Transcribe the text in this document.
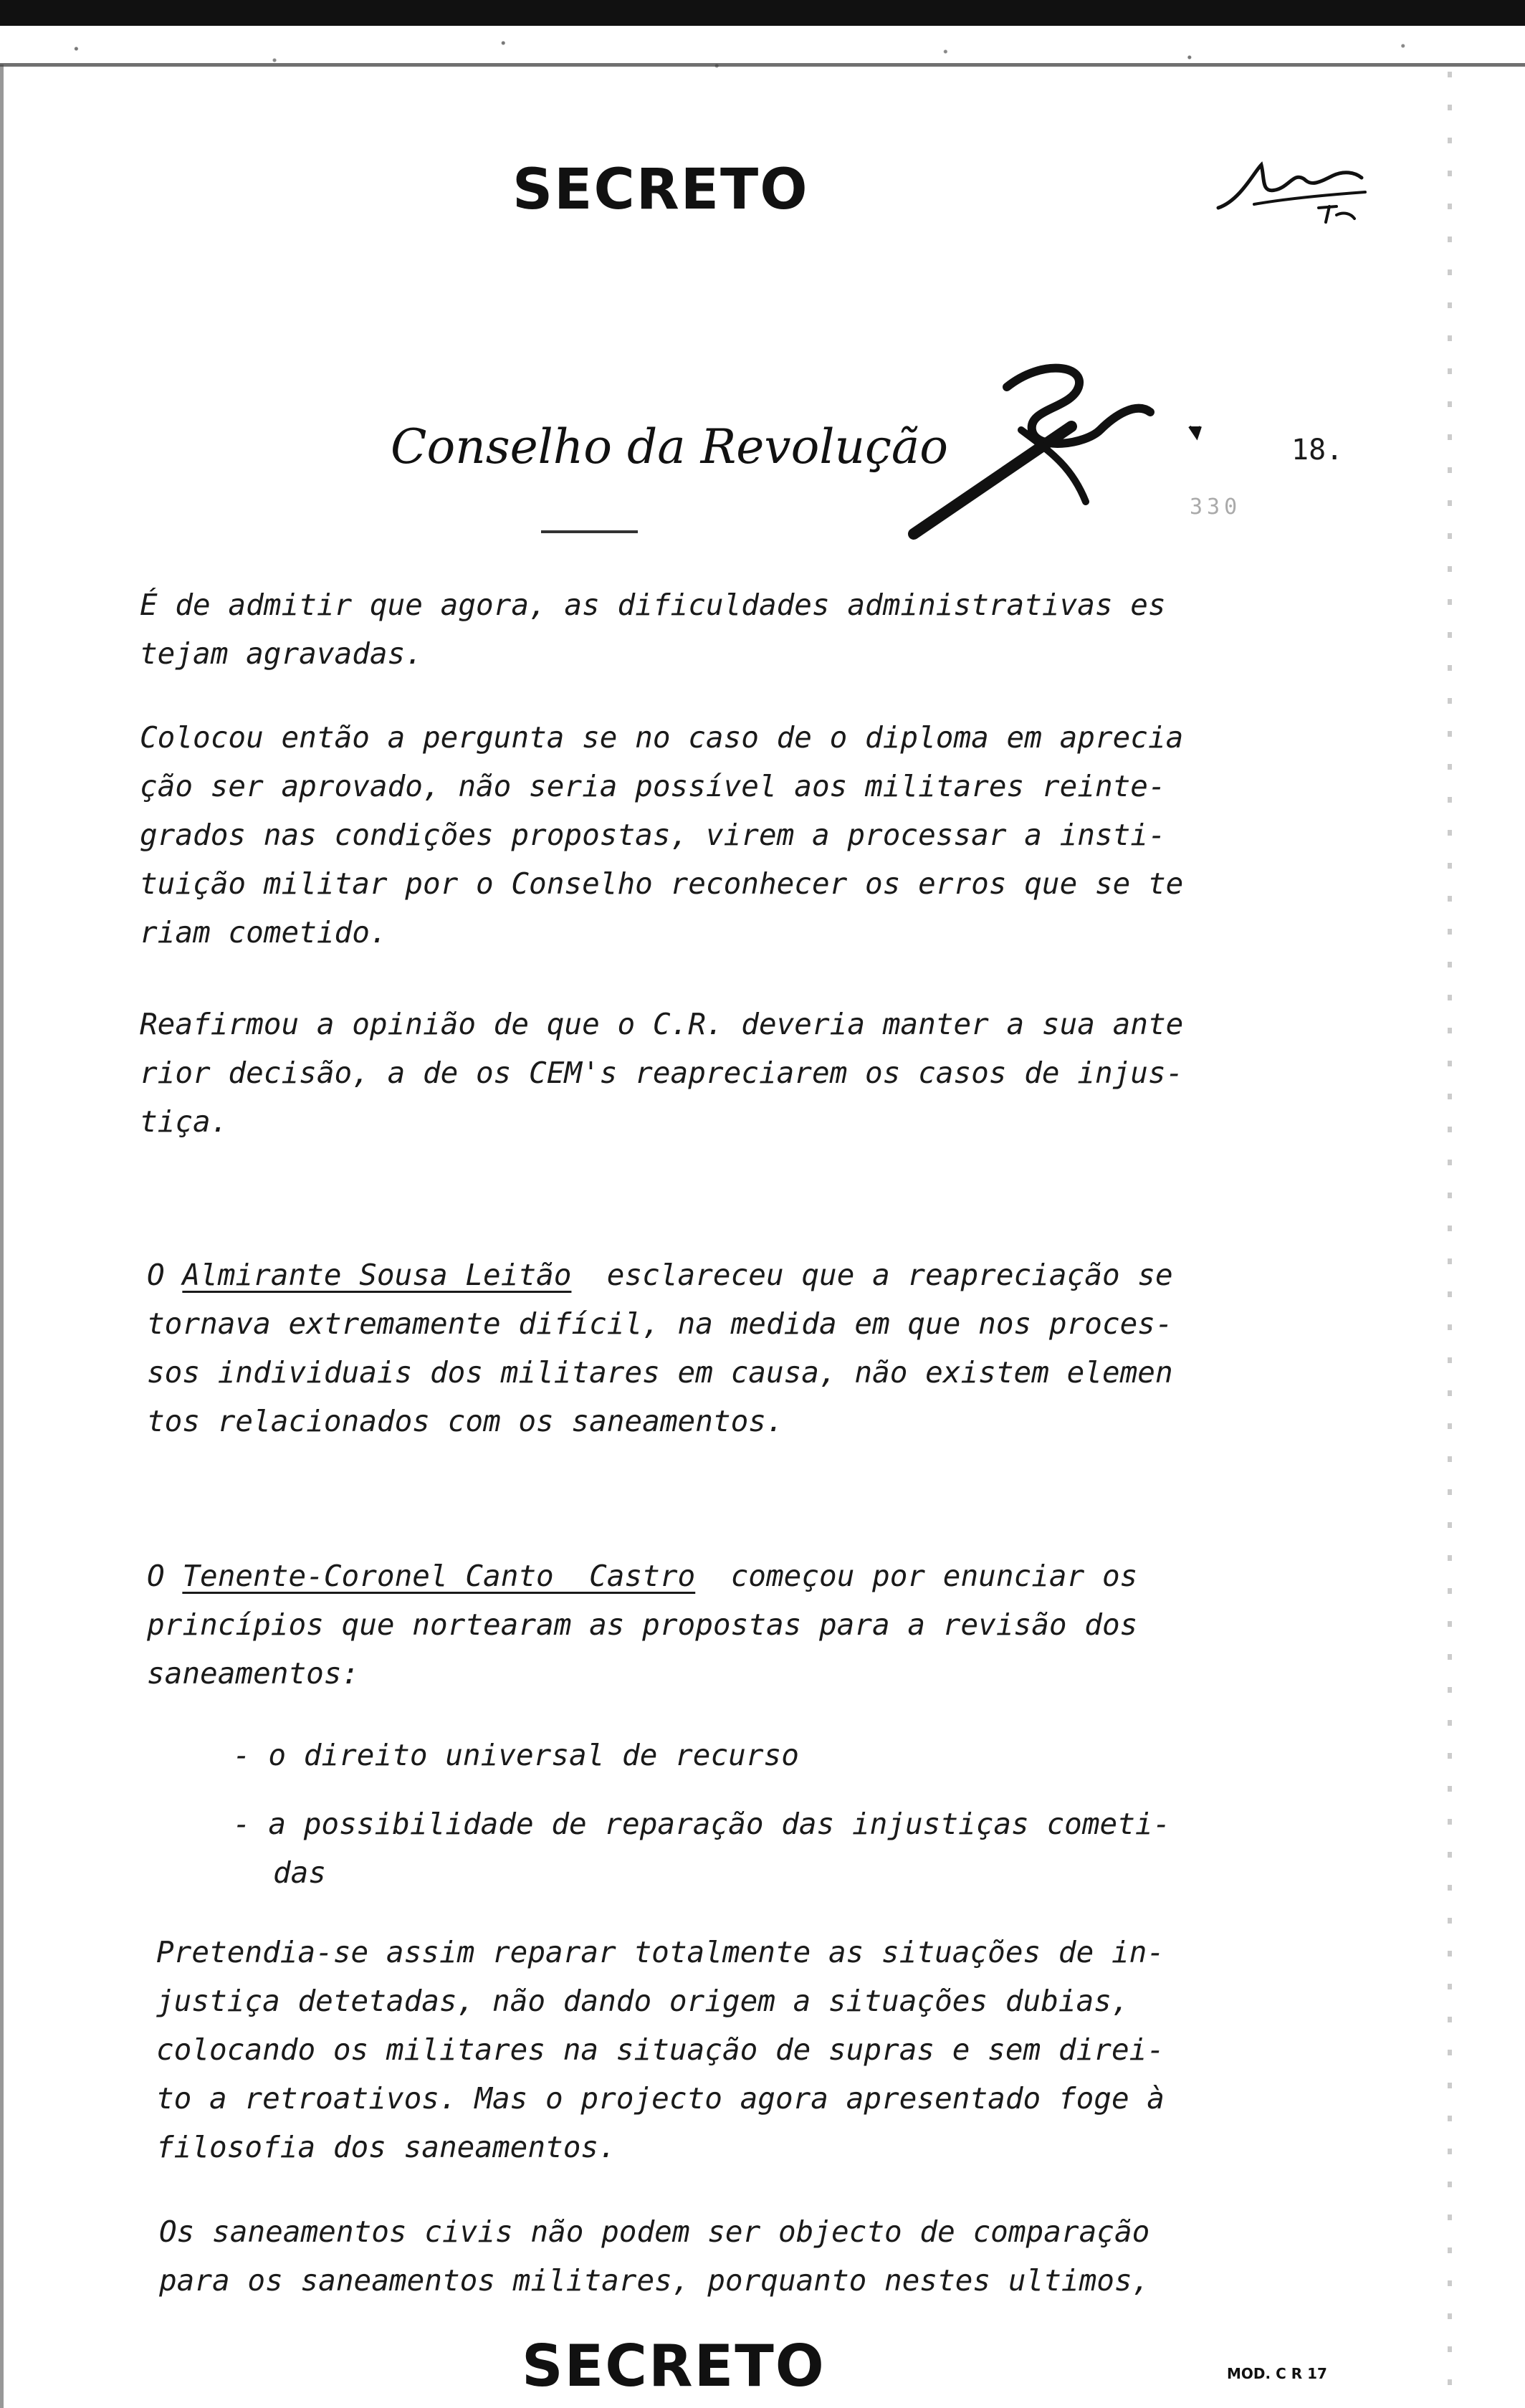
SECRETO
Conselho da Revolução	18.
330

É de admitir que agora, as dificuldades administrativas es

tejam agravadas.

Colocou então a pergunta se no caso de o diploma em aprecia

ção ser aprovado, não seria possível aos militares reinte-

grados nas condições propostas, virem a processar a insti-

tuição militar por o Conselho reconhecer os erros que se te

riam cometido.

Reafirmou a opinião de que o C.R. deveria manter a sua ante

rior decisão, a de os CEM's reapreciarem os casos de injus-

tiça.

O Almirante Sousa Leitão  esclareceu que a reapreciação se

tornava extremamente difícil, na medida em que nos proces-

sos individuais dos militares em causa, não existem elemen

tos relacionados com os saneamentos.

O Tenente-Coronel Canto  Castro  começou por enunciar os

princípios que nortearam as propostas para a revisão dos

saneamentos:

- o direito universal de recurso

- a possibilidade de reparação das injustiças cometi-

das

Pretendia-se assim reparar totalmente as situações de in-

justiça detetadas, não dando origem a situações dubias,

colocando os militares na situação de supras e sem direi-

to a retroativos. Mas o projecto agora apresentado foge à

filosofia dos saneamentos.

Os saneamentos civis não podem ser objecto de comparação

para os saneamentos militares, porquanto nestes ultimos,

SECRETO	MOD. C R 17
